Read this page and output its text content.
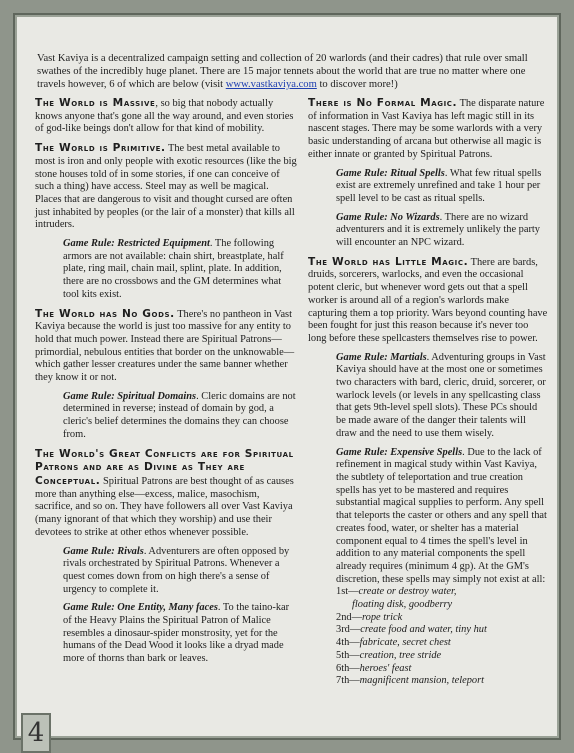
Vast Kaviya is a decentralized campaign setting and collection of 20 warlords (and their cadres) that rule over small swathes of the incredibly huge planet. There are 15 major tennets about the world that are true no matter where one travels however, 6 of which are below (visit www.vastkaviya.com to discover more!)

The World is Massive, so big that nobody actually knows anyone that's gone all the way around, and even stories of god-like beings don't allow for that kind of mobility.

The World is Primitive. The best metal available to most is iron and only people with exotic resources (like the big stone houses told of in some stories, if one can conceive of such a thing) have access. Steel may as well be magical. Places that are dangerous to visit and thought cursed are often just inhabited by peoples (or the lair of a monster) that kills all intruders.

Game Rule: Restricted Equipment. The following armors are not available: chain shirt, breastplate, half plate, ring mail, chain mail, splint, plate. In addition, there are no crossbows and the GM determines what tool kits exist.

The World has No Gods. There's no pantheon in Vast Kaviya because the world is just too massive for any entity to hold that much power. Instead there are Spiritual Patrons—primordial, nebulous entities that border on the unknowable—which gather lesser creatures under the same banner whether they know it or not.

Game Rule: Spiritual Domains. Cleric domains are not determined in reverse; instead of domain by god, a cleric's belief determines the domains they can choose from.

The World's Great Conflicts are for Spiritual Patrons and are as Divine as They are Conceptual. Spiritual Patrons are best thought of as causes more than anything else—excess, malice, masochism, sacrifice, and so on. They have followers all over Vast Kaviya (many ignorant of that which they worship) and use their devotees to strike at other ethos whenever possible.

Game Rule: Rivals. Adventurers are often opposed by rivals orchestrated by Spiritual Patrons. Whenever a quest comes down from on high there's a sense of urgency to complete it.

Game Rule: One Entity, Many faces. To the taino-kar of the Heavy Plains the Spiritual Patron of Malice resembles a dinosaur-spider monstrosity, yet for the humans of the Dead Wood it looks like a dryad made more of thorns than bark or leaves.

There is No Formal Magic. The disparate nature of information in Vast Kaviya has left magic still in its nascent stages. There may be some warlords with a very basic understanding of arcana but otherwise all magic is either innate or granted by Spiritual Patrons.

Game Rule: Ritual Spells. What few ritual spells exist are extremely unrefined and take 1 hour per spell level to be cast as ritual spells.

Game Rule: No Wizards. There are no wizard adventurers and it is extremely unlikely the party will encounter an NPC wizard.

The World has Little Magic. There are bards, druids, sorcerers, warlocks, and even the occasional potent cleric, but whenever word gets out that a spell worker is around all of a region's warlords make capturing them a top priority. Wars beyond counting have been fought for just this reason because it's never too long before these spellcasters themselves rise to power.

Game Rule: Martials. Adventuring groups in Vast Kaviya should have at the most one or sometimes two characters with bard, cleric, druid, sorcerer, or warlock levels (or levels in any spellcasting class that gets 9th-level spell slots). These PCs should be made aware of the danger their talents will draw and the need to use them wisely.

Game Rule: Expensive Spells. Due to the lack of refinement in magical study within Vast Kaviya, the subtlety of teleportation and true creation spells has yet to be mastered and requires substantial magical supplies to perform. Any spell that teleports the caster or others and any spell that creates food, water, or shelter has a material component equal to 4 times the spell's level in addition to any material components the spell already requires (minimum 4 gp). At the GM's discretion, these spells may simply not exist at all:

1st—create or destroy water,
floating disk, goodberry
2nd—rope trick
3rd—create food and water, tiny hut
4th—fabricate, secret chest
5th—creation, tree stride
6th—heroes' feast
7th—magnificent mansion, teleport
4
